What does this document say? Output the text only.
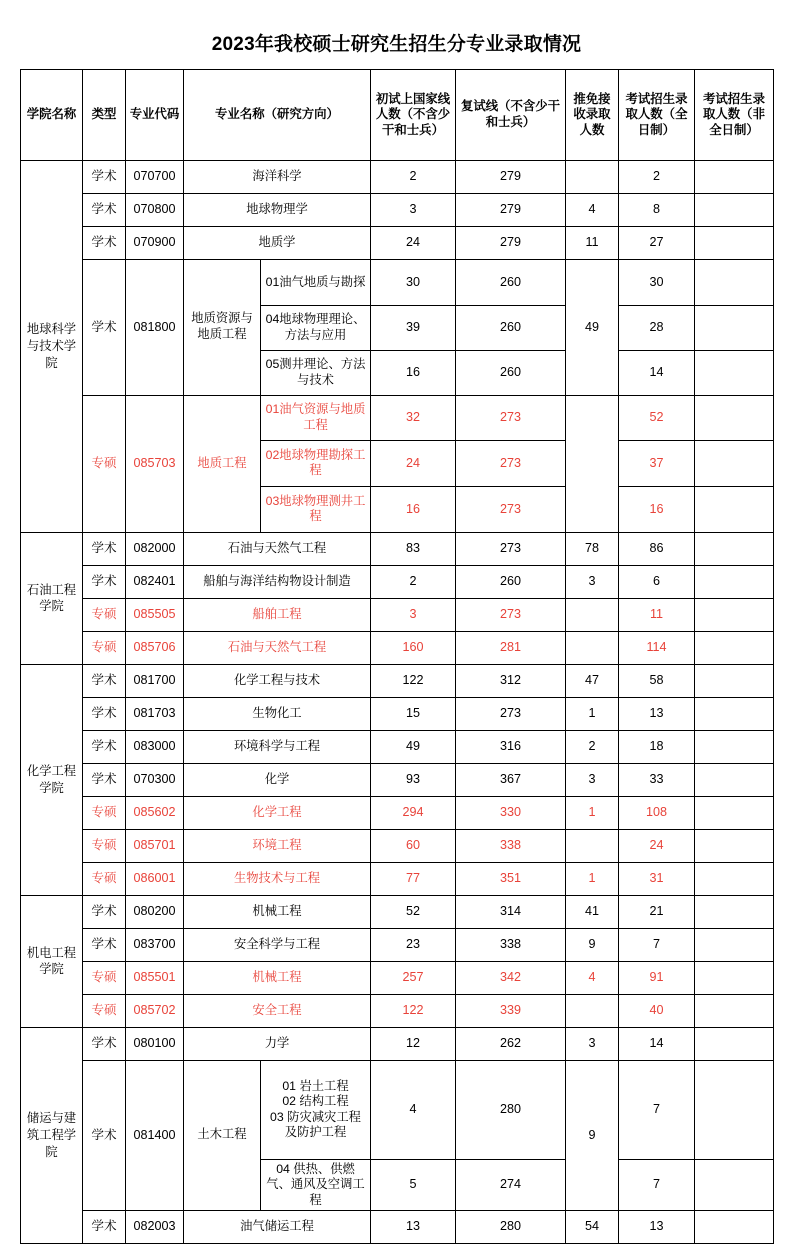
2023年我校硕士研究生招生分专业录取情况
学院名称	类型	专业代码	专业名称（研究方向）		初试上国家线人数（不含少干和士兵）	复试线（不含少干和士兵）	推免接收录取人数	考试招生录取人数（全日制）	考试招生录取人数（非全日制）
地球科学与技术学院	学术	070700	海洋科学		2	279		2	
	学术	070800	地球物理学		3	279	4	8	
	学术	070900	地质学		24	279	11	27	
	学术	081800	地质资源与地质工程	01油气地质与勘探	30	260	49	30	
				04地球物理理论、方法与应用	39	260		28	
				05测井理论、方法与技术	16	260		14	
	专硕	085703	地质工程	01油气资源与地质工程	32	273		52	
				02地球物理勘探工程	24	273		37	
				03地球物理测井工程	16	273		16	
石油工程学院	学术	082000	石油与天然气工程		83	273	78	86	
	学术	082401	船舶与海洋结构物设计制造		2	260	3	6	
	专硕	085505	船舶工程		3	273		11	
	专硕	085706	石油与天然气工程		160	281		114	
化学工程学院	学术	081700	化学工程与技术		122	312	47	58	
	学术	081703	生物化工		15	273	1	13	
	学术	083000	环境科学与工程		49	316	2	18	
	学术	070300	化学		93	367	3	33	
	专硕	085602	化学工程		294	330	1	108	
	专硕	085701	环境工程		60	338		24	
	专硕	086001	生物技术与工程		77	351	1	31	
机电工程学院	学术	080200	机械工程		52	314	41	21	
	学术	083700	安全科学与工程		23	338	9	7	
	专硕	085501	机械工程		257	342	4	91	
	专硕	085702	安全工程		122	339		40	
储运与建筑工程学院	学术	080100	力学		12	262	3	14	
	学术	081400	土木工程	01 岩土工程
02 结构工程
03 防灾减灾工程及防护工程	4	280	9	7	
				04 供热、供燃气、通风及空调工程	5	274		7	
	学术	082003	油气储运工程		13	280	54	13	
